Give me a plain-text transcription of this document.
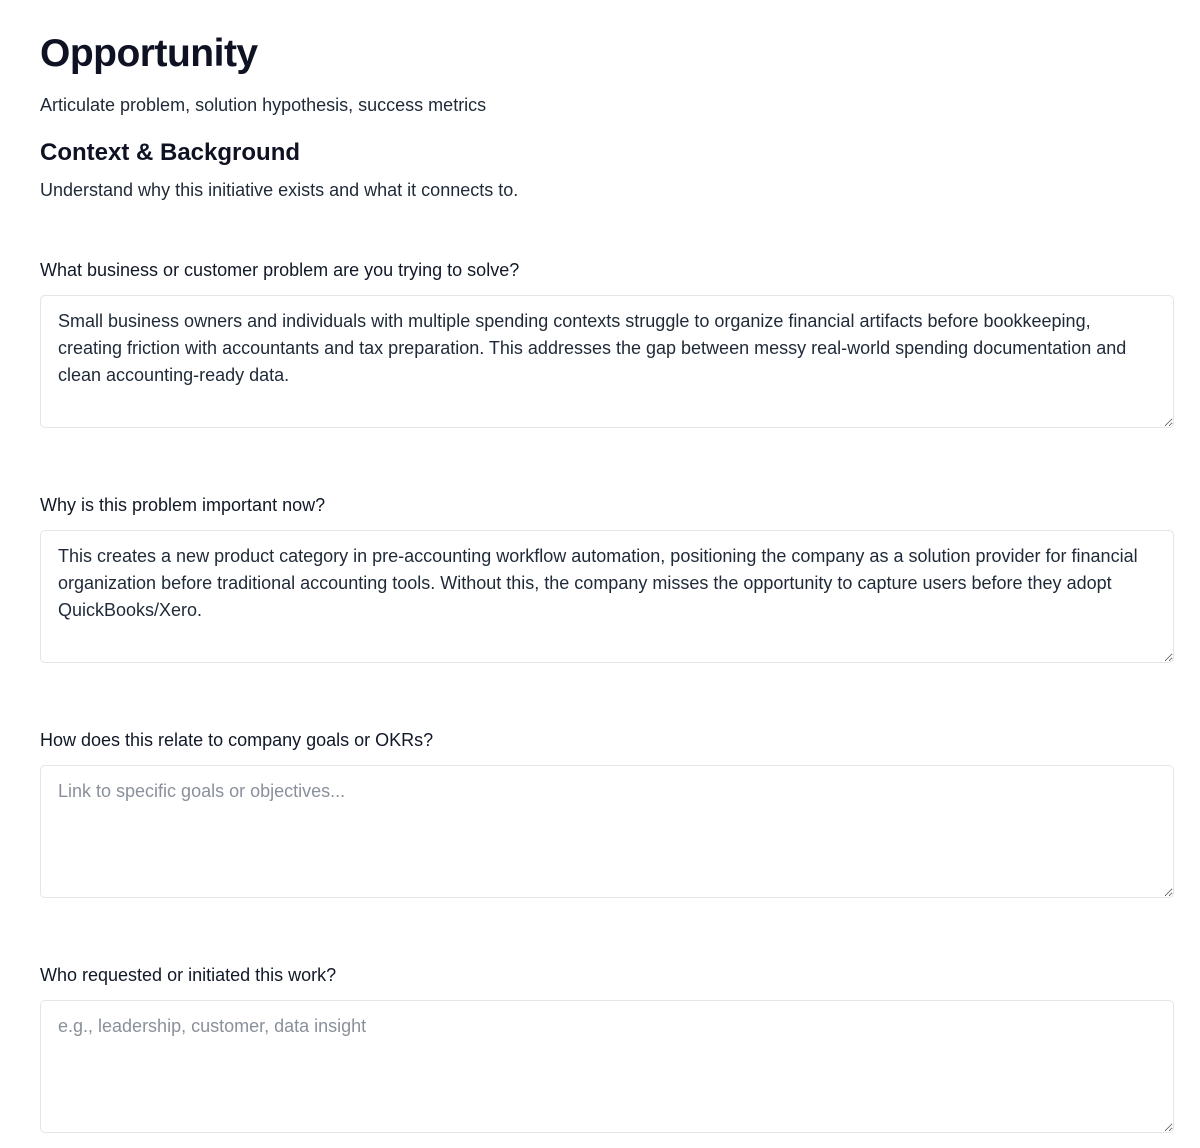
Opportunity
Articulate problem, solution hypothesis, success metrics
Context & Background
Understand why this initiative exists and what it connects to.
What business or customer problem are you trying to solve?
Small business owners and individuals with multiple spending contexts struggle to organize financial artifacts before bookkeeping, creating friction with accountants and tax preparation. This addresses the gap between messy real-world spending documentation and clean accounting-ready data.
Why is this problem important now?
This creates a new product category in pre-accounting workflow automation, positioning the company as a solution provider for financial organization before traditional accounting tools. Without this, the company misses the opportunity to capture users before they adopt QuickBooks/Xero.
How does this relate to company goals or OKRs?
Link to specific goals or objectives...
Who requested or initiated this work?
e.g., leadership, customer, data insight
